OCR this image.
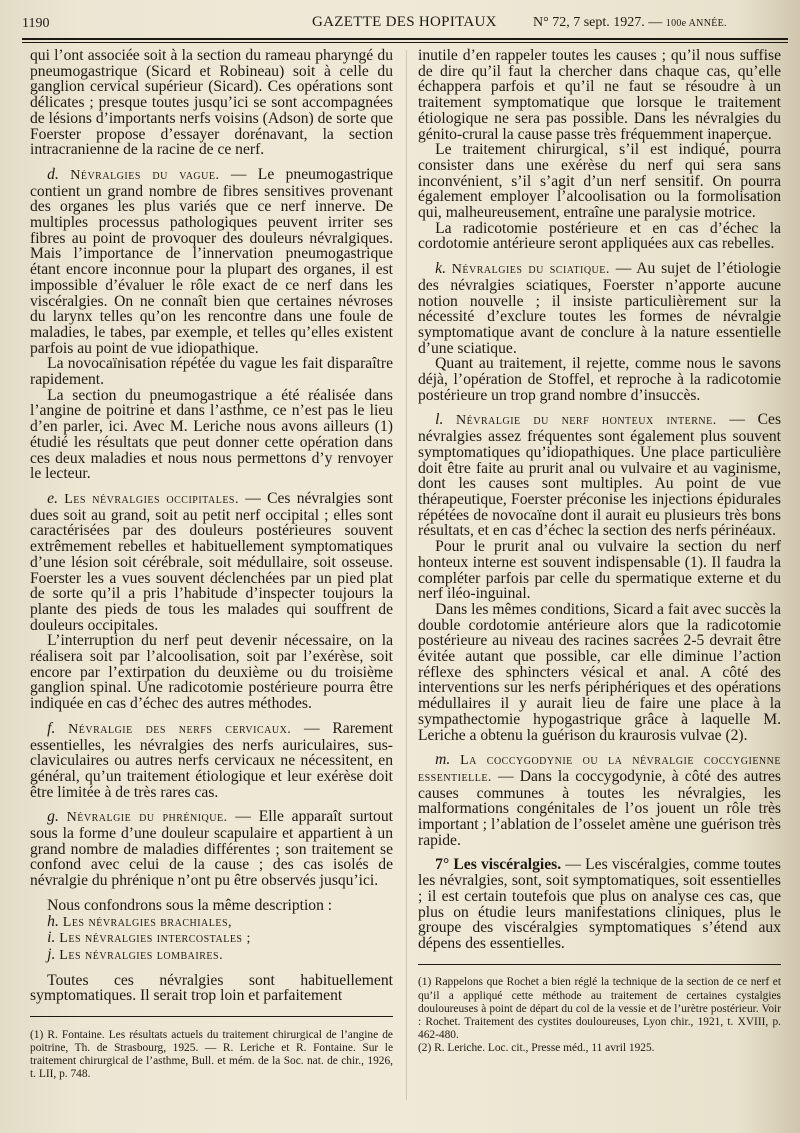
1190	GAZETTE DES HOPITAUX	N° 72, 7 sept. 1927. — 100e ANNÉE.

qui l’ont associée soit à la section du rameau pharyngé du pneumogastrique (Sicard et Robineau) soit à celle du ganglion cervical supérieur (Sicard). Ces opérations sont délicates ; presque toutes jusqu’ici se sont accompagnées de lésions d’importants nerfs voisins (Adson) de sorte que Foerster propose d’essayer dorénavant, la section intracranienne de la racine de ce nerf.

d. Névralgies du vague. — Le pneumogastrique contient un grand nombre de fibres sensitives provenant des organes les plus variés que ce nerf innerve. De multiples processus pathologiques peuvent irriter ses fibres au point de provoquer des douleurs névralgiques. Mais l’importance de l’innervation pneumogastrique étant encore inconnue pour la plupart des organes, il est impossible d’évaluer le rôle exact de ce nerf dans les viscéralgies. On ne connaît bien que certaines névroses du larynx telles qu’on les rencontre dans une foule de maladies, le tabes, par exemple, et telles qu’elles existent parfois au point de vue idiopathique.

La novocaïnisation répétée du vague les fait disparaître rapidement.

La section du pneumogastrique a été réalisée dans l’angine de poitrine et dans l’asthme, ce n’est pas le lieu d’en parler, ici. Avec M. Leriche nous avons ailleurs (1) étudié les résultats que peut donner cette opération dans ces deux maladies et nous nous permettons d’y renvoyer le lecteur.

e. Les névralgies occipitales. — Ces névralgies sont dues soit au grand, soit au petit nerf occipital ; elles sont caractérisées par des douleurs postérieures souvent extrêmement rebelles et habituellement symptomatiques d’une lésion soit cérébrale, soit médullaire, soit osseuse. Foerster les a vues souvent déclenchées par un pied plat de sorte qu’il a pris l’habitude d’inspecter toujours la plante des pieds de tous les malades qui souffrent de douleurs occipitales.

L’interruption du nerf peut devenir nécessaire, on la réalisera soit par l’alcoolisation, soit par l’exérèse, soit encore par l’extirpation du deuxième ou du troisième ganglion spinal. Une radicotomie postérieure pourra être indiquée en cas d’échec des autres méthodes.

f. Névralgie des nerfs cervicaux. — Rarement essentielles, les névralgies des nerfs auriculaires, sus-claviculaires ou autres nerfs cervicaux ne nécessitent, en général, qu’un traitement étiologique et leur exérèse doit être limitée à de très rares cas.

g. Névralgie du phrénique. — Elle apparaît surtout sous la forme d’une douleur scapulaire et appartient à un grand nombre de maladies différentes ; son traitement se confond avec celui de la cause ; des cas isolés de névralgie du phrénique n’ont pu être observés jusqu’ici.

Nous confondrons sous la même description :

h. Les névralgies brachiales,

i. Les névralgies intercostales ;

j. Les névralgies lombaires.

Toutes ces névralgies sont habituellement symptomatiques. Il serait trop loin et parfaitement

(1) R. Fontaine. Les résultats actuels du traitement chirurgical de l’angine de poitrine, Th. de Strasbourg, 1925. — R. Leriche et R. Fontaine. Sur le traitement chirurgical de l’asthme, Bull. et mém. de la Soc. nat. de chir., 1926, t. LII, p. 748.

inutile d’en rappeler toutes les causes ; qu’il nous suffise de dire qu’il faut la chercher dans chaque cas, qu’elle échappera parfois et qu’il ne faut se résoudre à un traitement symptomatique que lorsque le traitement étiologique ne sera pas possible. Dans les névralgies du génito-crural la cause passe très fréquemment inaperçue.

Le traitement chirurgical, s’il est indiqué, pourra consister dans une exérèse du nerf qui sera sans inconvénient, s’il s’agit d’un nerf sensitif. On pourra également employer l’alcoolisation ou la formolisation qui, malheureusement, entraîne une paralysie motrice.

La radicotomie postérieure et en cas d’échec la cordotomie antérieure seront appliquées aux cas rebelles.

k. Névralgies du sciatique. — Au sujet de l’étiologie des névralgies sciatiques, Foerster n’apporte aucune notion nouvelle ; il insiste particulièrement sur la nécessité d’exclure toutes les formes de névralgie symptomatique avant de conclure à la nature essentielle d’une sciatique.

Quant au traitement, il rejette, comme nous le savons déjà, l’opération de Stoffel, et reproche à la radicotomie postérieure un trop grand nombre d’insuccès.

l. Névralgie du nerf honteux interne. — Ces névralgies assez fréquentes sont également plus souvent symptomatiques qu’idiopathiques. Une place particulière doit être faite au prurit anal ou vulvaire et au vaginisme, dont les causes sont multiples. Au point de vue thérapeutique, Foerster préconise les injections épidurales répétées de novocaïne dont il aurait eu plusieurs très bons résultats, et en cas d’échec la section des nerfs périnéaux.

Pour le prurit anal ou vulvaire la section du nerf honteux interne est souvent indispensable (1). Il faudra la compléter parfois par celle du spermatique externe et du nerf iléo-inguinal.

Dans les mêmes conditions, Sicard a fait avec succès la double cordotomie antérieure alors que la radicotomie postérieure au niveau des racines sacrées 2-5 devrait être évitée autant que possible, car elle diminue l’action réflexe des sphincters vésical et anal. A côté des interventions sur les nerfs périphériques et des opérations médullaires il y aurait lieu de faire une place à la sympathectomie hypogastrique grâce à laquelle M. Leriche a obtenu la guérison du kraurosis vulvae (2).

m. La coccygodynie ou la névralgie coccygienne essentielle. — Dans la coccygodynie, à côté des autres causes communes à toutes les névralgies, les malformations congénitales de l’os jouent un rôle très important ; l’ablation de l’osselet amène une guérison très rapide.

7° Les viscéralgies. — Les viscéralgies, comme toutes les névralgies, sont, soit symptomatiques, soit essentielles ; il est certain toutefois que plus on analyse ces cas, que plus on étudie leurs manifestations cliniques, plus le groupe des viscéralgies symptomatiques s’étend aux dépens des essentielles.

(1) Rappelons que Rochet a bien réglé la technique de la section de ce nerf et qu’il a appliqué cette méthode au traitement de certaines cystalgies douloureuses à point de départ du col de la vessie et de l’urètre postérieur. Voir : Rochet. Traitement des cystites douloureuses, Lyon chir., 1921, t. XVIII, p. 462-480.

(2) R. Leriche. Loc. cit., Presse méd., 11 avril 1925.
